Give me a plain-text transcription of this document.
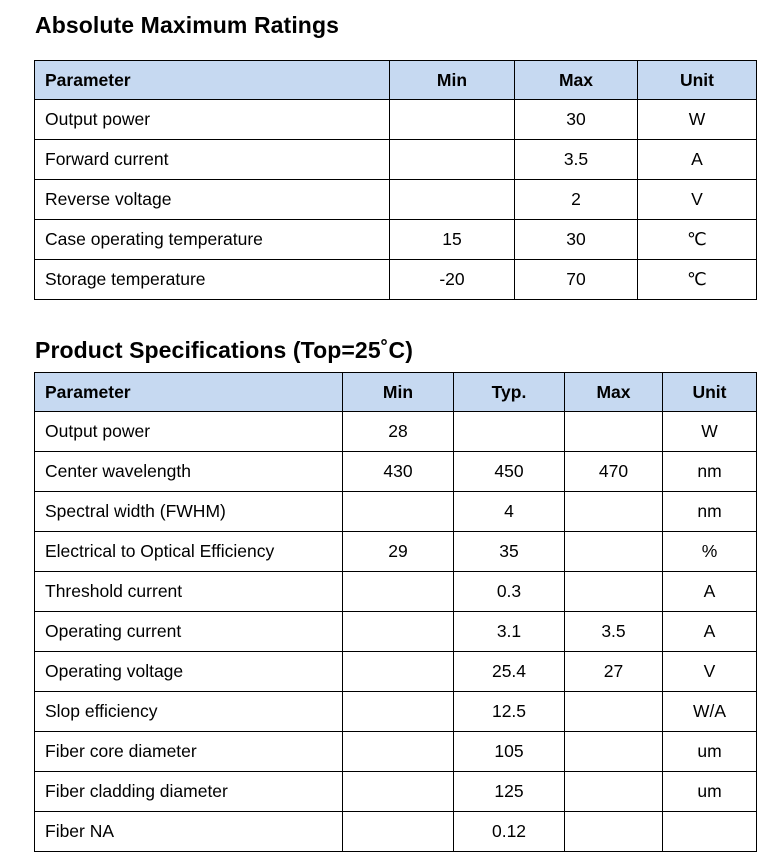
Absolute Maximum Ratings
Parameter	Min	Max	Unit
Output power		30	W
Forward current		3.5	A
Reverse voltage		2	V
Case operating temperature	15	30	℃
Storage temperature	-20	70	℃
Product Specifications (Top=25˚C)
Parameter	Min	Typ.	Max	Unit
Output power	28			W
Center wavelength	430	450	470	nm
Spectral width (FWHM)		4		nm
Electrical to Optical Efficiency	29	35		%
Threshold current		0.3		A
Operating current		3.1	3.5	A
Operating voltage		25.4	27	V
Slop efficiency		12.5		W/A
Fiber core diameter		105		um
Fiber cladding diameter		125		um
Fiber NA		0.12		
